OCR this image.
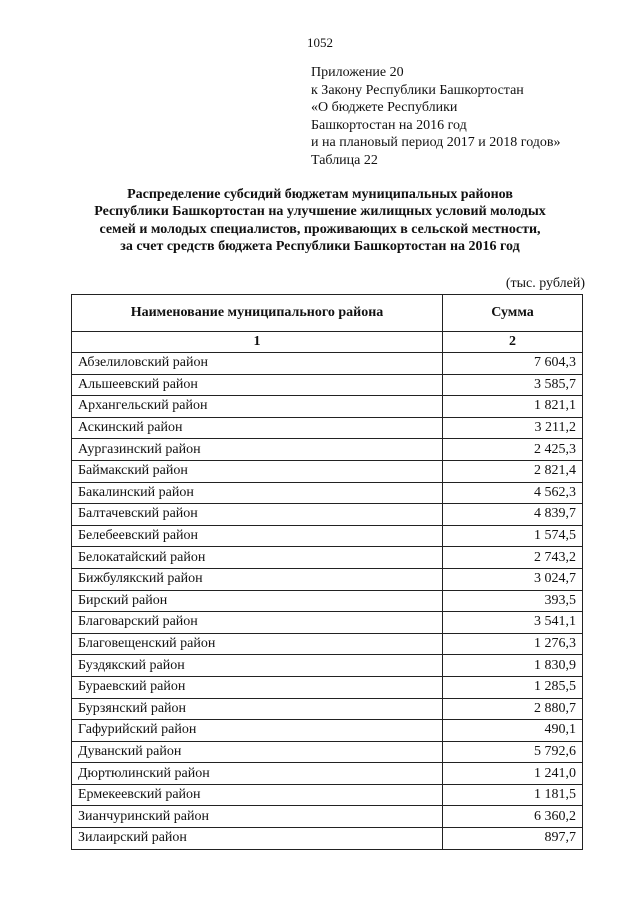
1052
Приложение 20
к Закону Республики Башкортостан
«О бюджете Республики
Башкортостан на 2016 год
и на плановый период 2017 и 2018 годов»
Таблица 22
Распределение субсидий бюджетам муниципальных районов
Республики Башкортостан на улучшение жилищных условий молодых
семей и молодых специалистов, проживающих в сельской местности,
за счет средств бюджета Республики Башкортостан на 2016 год
(тыс. рублей)
Наименование муниципального района	Сумма
1	2
Абзелиловский район	7 604,3
Альшеевский район	3 585,7
Архангельский район	1 821,1
Аскинский район	3 211,2
Аургазинский район	2 425,3
Баймакский район	2 821,4
Бакалинский район	4 562,3
Балтачевский район	4 839,7
Белебеевский район	1 574,5
Белокатайский район	2 743,2
Бижбулякский район	3 024,7
Бирский район	393,5
Благоварский район	3 541,1
Благовещенский район	1 276,3
Буздякский район	1 830,9
Бураевский район	1 285,5
Бурзянский район	2 880,7
Гафурийский район	490,1
Дуванский район	5 792,6
Дюртюлинский район	1 241,0
Ермекеевский район	1 181,5
Зианчуринский район	6 360,2
Зилаирский район	897,7
